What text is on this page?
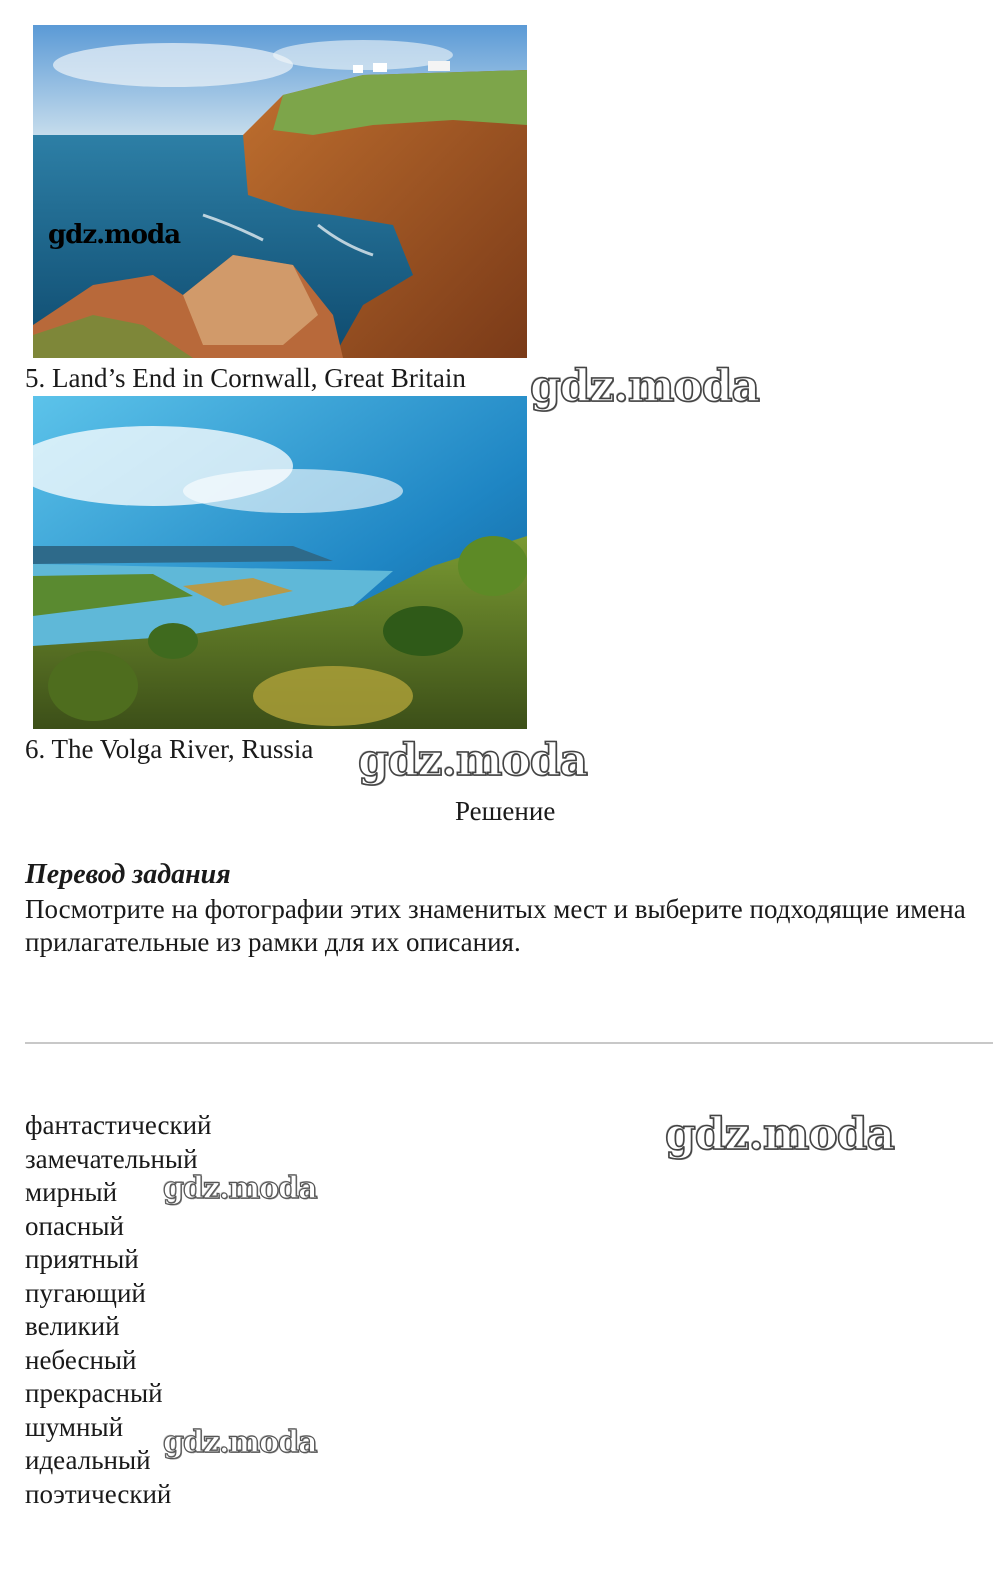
gdz.moda
5. Land’s End in Cornwall, Great Britain gdz.moda
6. The Volga River, Russia gdz.moda
Решение
Перевод задания
Посмотрите на фотографии этих знаменитых мест и выберите подходящие имена прилагательные из рамки для их описания.
фантастический
замечательный
мирный
опасный
приятный
пугающий
великий
небесный
прекрасный
шумный
идеальный
поэтический
gdz.moda
gdz.moda
gdz.moda
